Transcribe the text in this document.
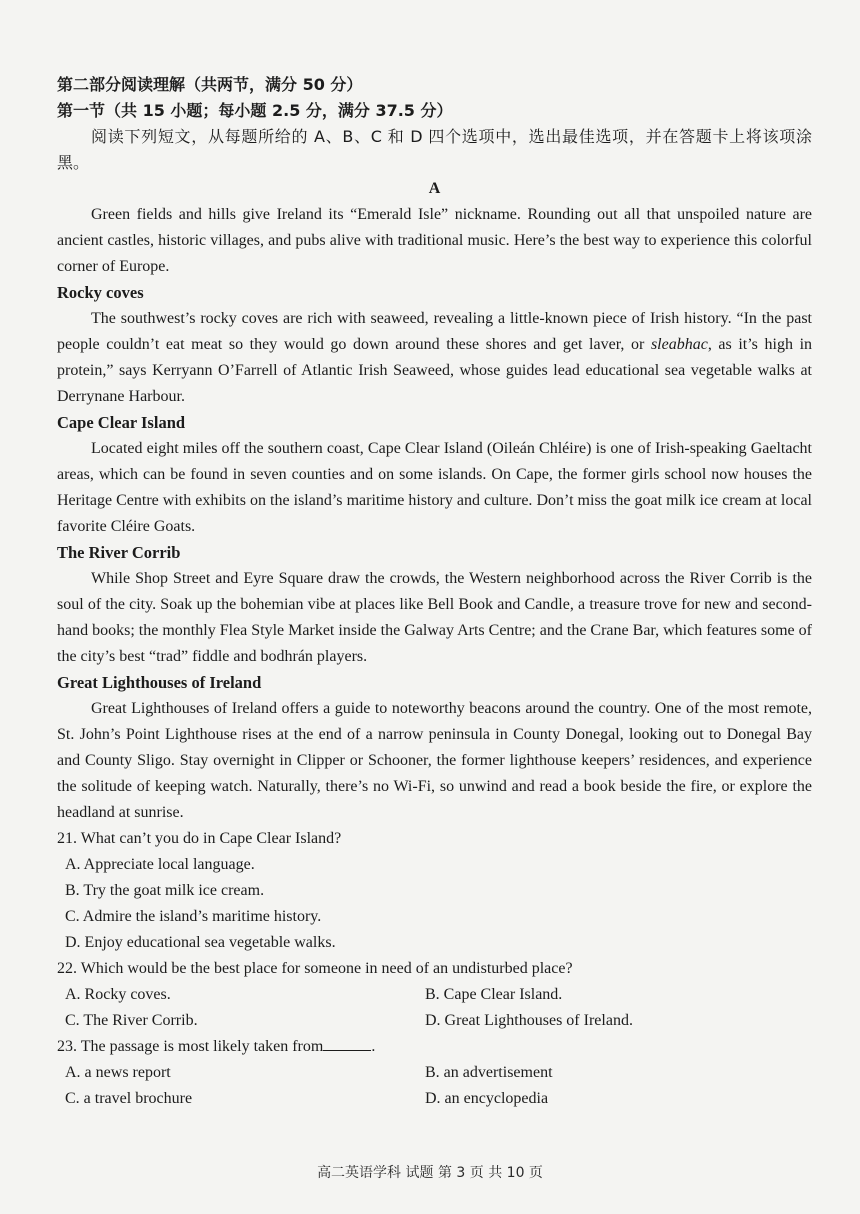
第二部分阅读理解（共两节，满分 50 分）
第一节（共 15 小题；每小题 2.5 分，满分 37.5 分）
阅读下列短文，从每题所给的 A、B、C 和 D 四个选项中，选出最佳选项，并在答题卡上将该项涂黑。
A
Green fields and hills give Ireland its “Emerald Isle” nickname. Rounding out all that unspoiled nature are ancient castles, historic villages, and pubs alive with traditional music. Here’s the best way to experience this colorful corner of Europe.
Rocky coves
The southwest’s rocky coves are rich with seaweed, revealing a little-known piece of Irish history. “In the past people couldn’t eat meat so they would go down around these shores and get laver, or sleabhac, as it’s high in protein,” says Kerryann O’Farrell of Atlantic Irish Seaweed, whose guides lead educational sea vegetable walks at Derrynane Harbour.
Cape Clear Island
Located eight miles off the southern coast, Cape Clear Island (Oileán Chléire) is one of Irish-speaking Gaeltacht areas, which can be found in seven counties and on some islands. On Cape, the former girls school now houses the Heritage Centre with exhibits on the island’s maritime history and culture. Don’t miss the goat milk ice cream at local favorite Cléire Goats.
The River Corrib
While Shop Street and Eyre Square draw the crowds, the Western neighborhood across the River Corrib is the soul of the city. Soak up the bohemian vibe at places like Bell Book and Candle, a treasure trove for new and second-hand books; the monthly Flea Style Market inside the Galway Arts Centre; and the Crane Bar, which features some of the city’s best “trad” fiddle and bodhrán players.
Great Lighthouses of Ireland
Great Lighthouses of Ireland offers a guide to noteworthy beacons around the country. One of the most remote, St. John’s Point Lighthouse rises at the end of a narrow peninsula in County Donegal, looking out to Donegal Bay and County Sligo. Stay overnight in Clipper or Schooner, the former lighthouse keepers’ residences, and experience the solitude of keeping watch. Naturally, there’s no Wi-Fi, so unwind and read a book beside the fire, or explore the headland at sunrise.
21. What can’t you do in Cape Clear Island?
A. Appreciate local language.
B. Try the goat milk ice cream.
C. Admire the island’s maritime history.
D. Enjoy educational sea vegetable walks.
22. Which would be the best place for someone in need of an undisturbed place?
A. Rocky coves.	B. Cape Clear Island.
C. The River Corrib.	D. Great Lighthouses of Ireland.
23. The passage is most likely taken from	.
A. a news report	B. an advertisement
C. a travel brochure	D. an encyclopedia
高二英语学科 试题 第 3 页 共 10 页
